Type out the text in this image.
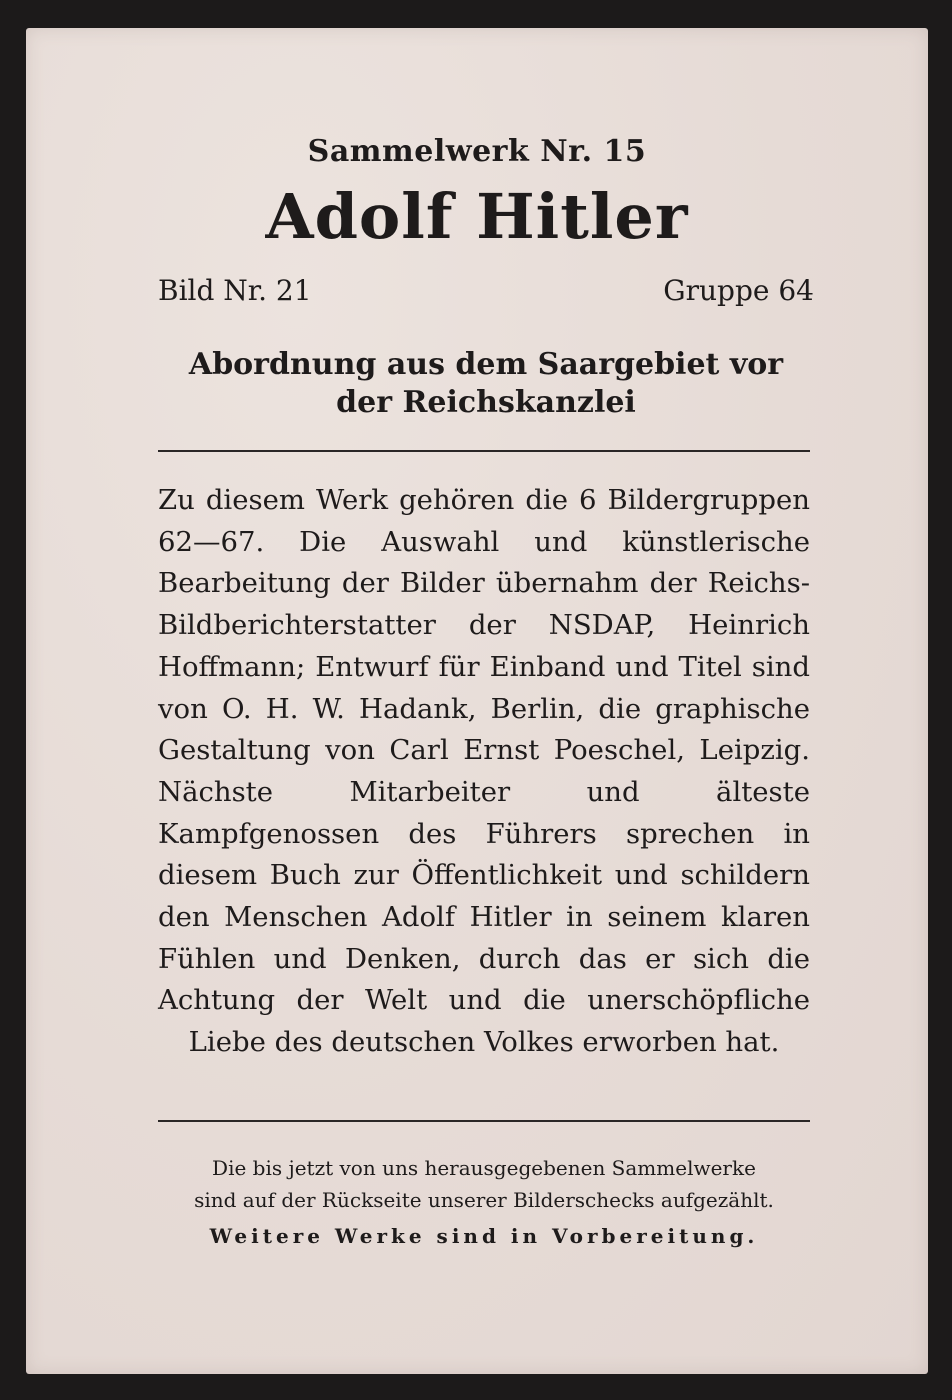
Sammelwerk Nr. 15
Adolf Hitler
Bild Nr. 21	Gruppe 64
Abordnung aus dem Saargebiet vor der Reichskanzlei
Zu diesem Werk gehören die 6 Bildergruppen 62—67. Die Auswahl und künstlerische Bearbeitung der Bilder übernahm der Reichs-Bildberichterstatter der NSDAP, Heinrich Hoffmann; Entwurf für Einband und Titel sind von O. H. W. Hadank, Berlin, die graphische Gestaltung von Carl Ernst Poeschel, Leipzig. Nächste Mitarbeiter und älteste Kampfgenossen des Führers sprechen in diesem Buch zur Öffentlichkeit und schildern den Menschen Adolf Hitler in seinem klaren Fühlen und Denken, durch das er sich die Achtung der Welt und die unerschöpfliche Liebe des deutschen Volkes erworben hat.
Die bis jetzt von uns herausgegebenen Sammelwerke
sind auf der Rückseite unserer Bilderschecks aufgezählt.
Weitere Werke sind in Vorbereitung.
